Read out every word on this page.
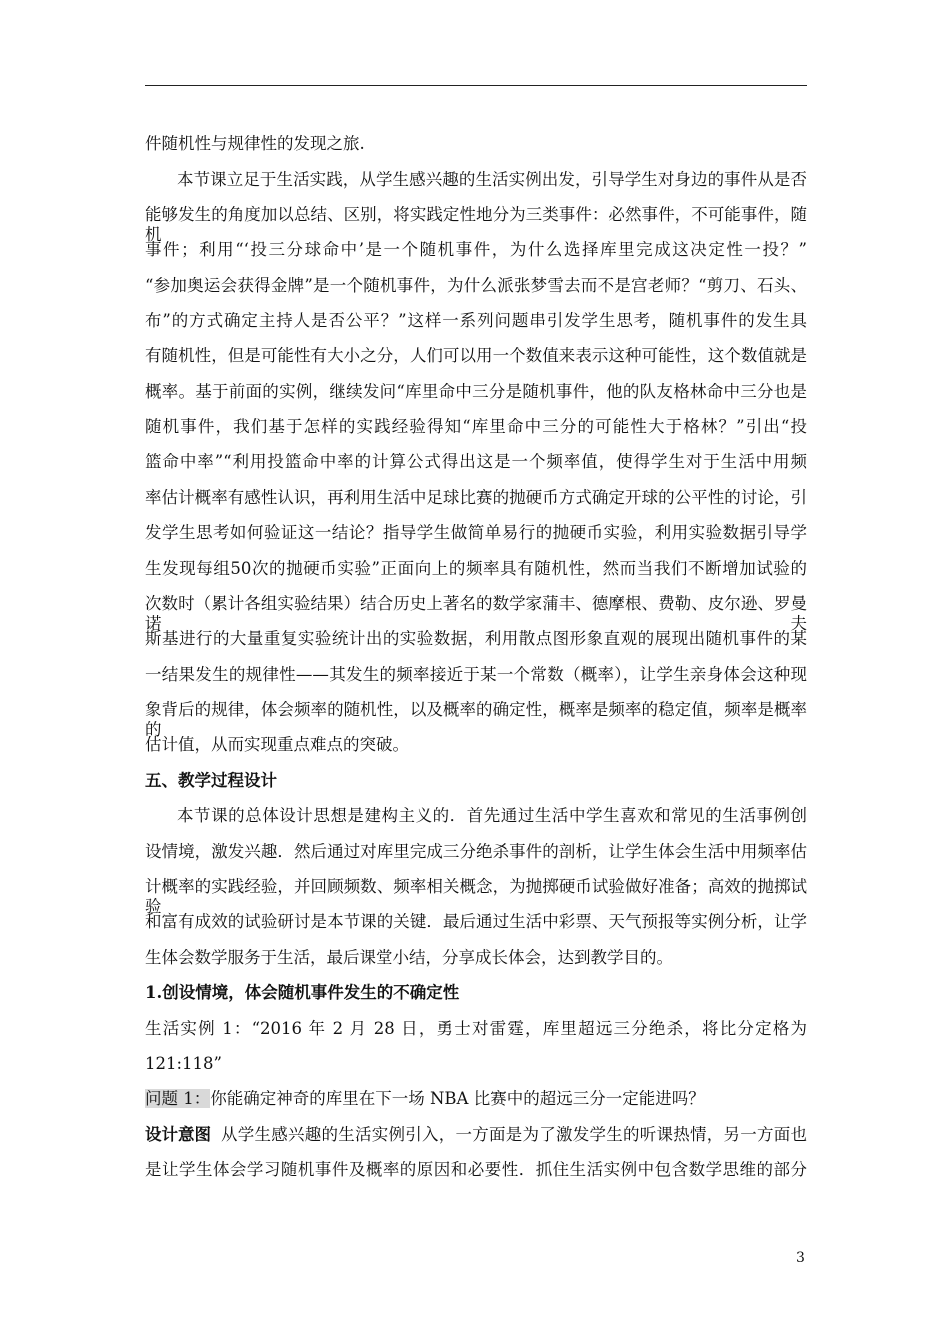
件随机性与规律性的发现之旅.
本节课立足于生活实践，从学生感兴趣的生活实例出发，引导学生对身边的事件从是否
能够发生的角度加以总结、区别，将实践定性地分为三类事件：必然事件，不可能事件，随机
事件；利用“‘投三分球命中’是一个随机事件，为什么选择库里完成这决定性一投？”
“参加奥运会获得金牌”是一个随机事件，为什么派张梦雪去而不是宫老师？“剪刀、石头、
布”的方式确定主持人是否公平？”这样一系列问题串引发学生思考，随机事件的发生具
有随机性，但是可能性有大小之分，人们可以用一个数值来表示这种可能性，这个数值就是
概率。基于前面的实例，继续发问“库里命中三分是随机事件，他的队友格林命中三分也是
随机事件，我们基于怎样的实践经验得知“库里命中三分的可能性大于格林？”引出“投
篮命中率”“利用投篮命中率的计算公式得出这是一个频率值，使得学生对于生活中用频
率估计概率有感性认识，再利用生活中足球比赛的抛硬币方式确定开球的公平性的讨论，引
发学生思考如何验证这一结论？指导学生做简单易行的抛硬币实验，利用实验数据引导学
生发现每组50次的抛硬币实验”正面向上的频率具有随机性，然而当我们不断增加试验的
次数时（累计各组实验结果）结合历史上著名的数学家蒲丰、德摩根、费勒、皮尔逊、罗曼诺夫
斯基进行的大量重复实验统计出的实验数据，利用散点图形象直观的展现出随机事件的某
一结果发生的规律性——其发生的频率接近于某一个常数（概率），让学生亲身体会这种现
象背后的规律，体会频率的随机性，以及概率的确定性，概率是频率的稳定值，频率是概率的
估计值，从而实现重点难点的突破。
五、教学过程设计
本节课的总体设计思想是建构主义的．首先通过生活中学生喜欢和常见的生活事例创
设情境，激发兴趣．然后通过对库里完成三分绝杀事件的剖析，让学生体会生活中用频率估
计概率的实践经验，并回顾频数、频率相关概念，为抛掷硬币试验做好准备；高效的抛掷试验
和富有成效的试验研讨是本节课的关键．最后通过生活中彩票、天气预报等实例分析，让学
生体会数学服务于生活，最后课堂小结，分享成长体会，达到教学目的。
1.创设情境，体会随机事件发生的不确定性
生活实例 1：“2016 年 2 月 28 日，勇士对雷霆，库里超远三分绝杀，将比分定格为
121:118”
问题 1：你能确定神奇的库里在下一场 NBA 比赛中的超远三分一定能进吗？
设计意图 从学生感兴趣的生活实例引入，一方面是为了激发学生的听课热情，另一方面也
是让学生体会学习随机事件及概率的原因和必要性．抓住生活实例中包含数学思维的部分
3
